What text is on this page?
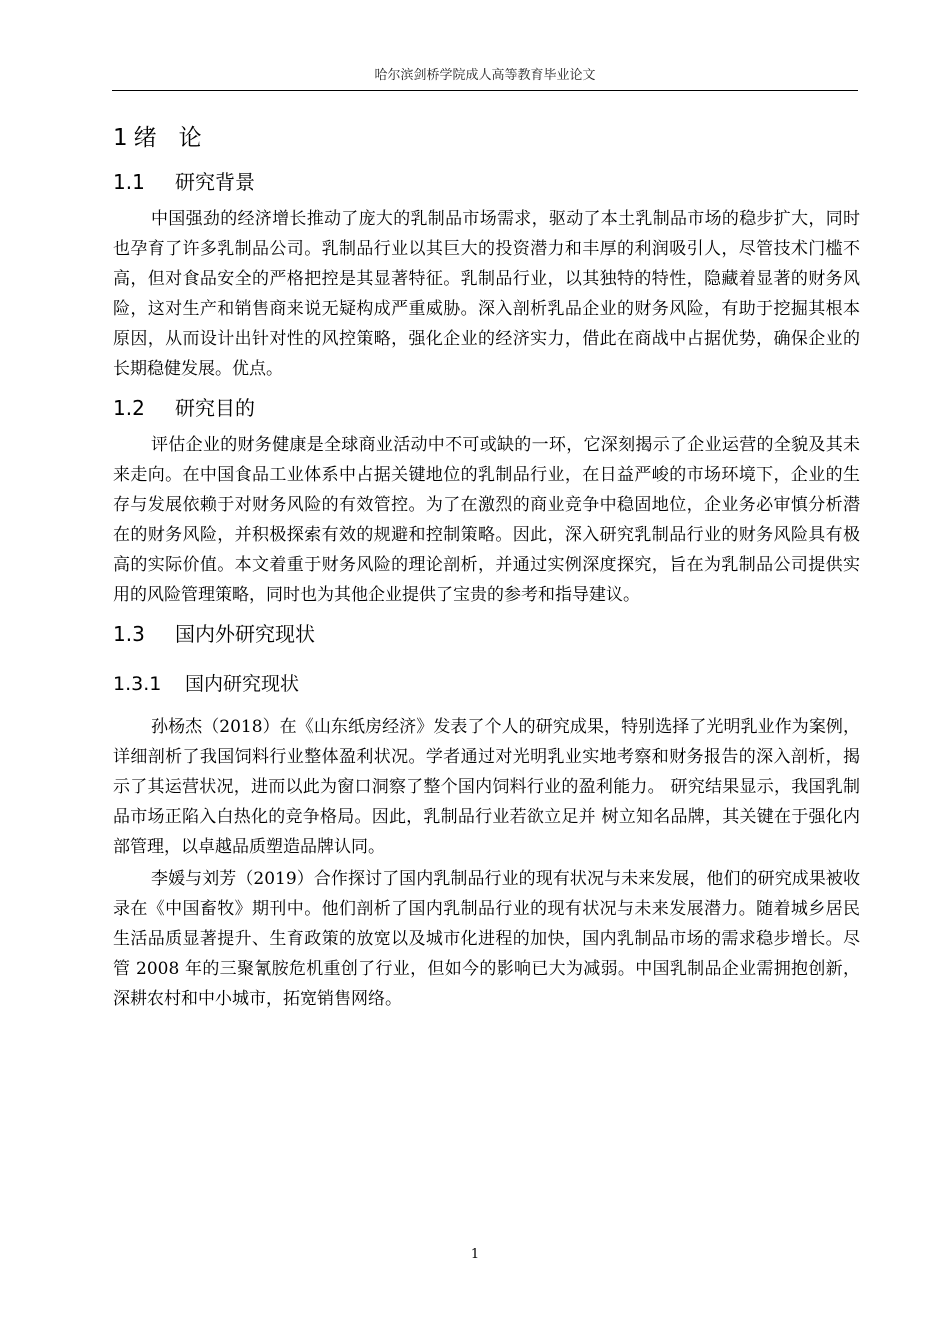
哈尔滨剑桥学院成人高等教育毕业论文
1 绪 论
1.1 研究背景

中国强劲的经济增长推动了庞大的乳制品市场需求，驱动了本土乳制品市场的稳步扩大，同时也孕育了许多乳制品公司。乳制品行业以其巨大的投资潜力和丰厚的利润吸引人，尽管技术门槛不高，但对食品安全的严格把控是其显著特征。乳制品行业，以其独特的特性，隐藏着显著的财务风险，这对生产和销售商来说无疑构成严重威胁。深入剖析乳品企业的财务风险，有助于挖掘其根本原因，从而设计出针对性的风控策略，强化企业的经济实力，借此在商战中占据优势，确保企业的长期稳健发展。优点。

1.2 研究目的

评估企业的财务健康是全球商业活动中不可或缺的一环，它深刻揭示了企业运营的全貌及其未来走向。在中国食品工业体系中占据关键地位的乳制品行业，在日益严峻的市场环境下，企业的生存与发展依赖于对财务风险的有效管控。为了在激烈的商业竞争中稳固地位，企业务必审慎分析潜在的财务风险，并积极探索有效的规避和控制策略。因此，深入研究乳制品行业的财务风险具有极高的实际价值。本文着重于财务风险的理论剖析，并通过实例深度探究，旨在为乳制品公司提供实用的风险管理策略，同时也为其他企业提供了宝贵的参考和指导建议。

1.3 国内外研究现状
1.3.1 国内研究现状

孙杨杰（2018）在《山东纸房经济》发表了个人的研究成果，特别选择了光明乳业作为案例，详细剖析了我国饲料行业整体盈利状况。学者通过对光明乳业实地考察和财务报告的深入剖析，揭示了其运营状况，进而以此为窗口洞察了整个国内饲料行业的盈利能力。 研究结果显示，我国乳制品市场正陷入白热化的竞争格局。因此，乳制品行业若欲立足并 树立知名品牌，其关键在于强化内部管理，以卓越品质塑造品牌认同。

李媛与刘芳（2019）合作探讨了国内乳制品行业的现有状况与未来发展，他们的研究成果被收录在《中国畜牧》期刊中。他们剖析了国内乳制品行业的现有状况与未来发展潜力。随着城乡居民生活品质显著提升、生育政策的放宽以及城市化进程的加快，国内乳制品市场的需求稳步增长。尽管 2008 年的三聚氰胺危机重创了行业，但如今的影响已大为减弱。中国乳制品企业需拥抱创新，深耕农村和中小城市，拓宽销售网络。

1
